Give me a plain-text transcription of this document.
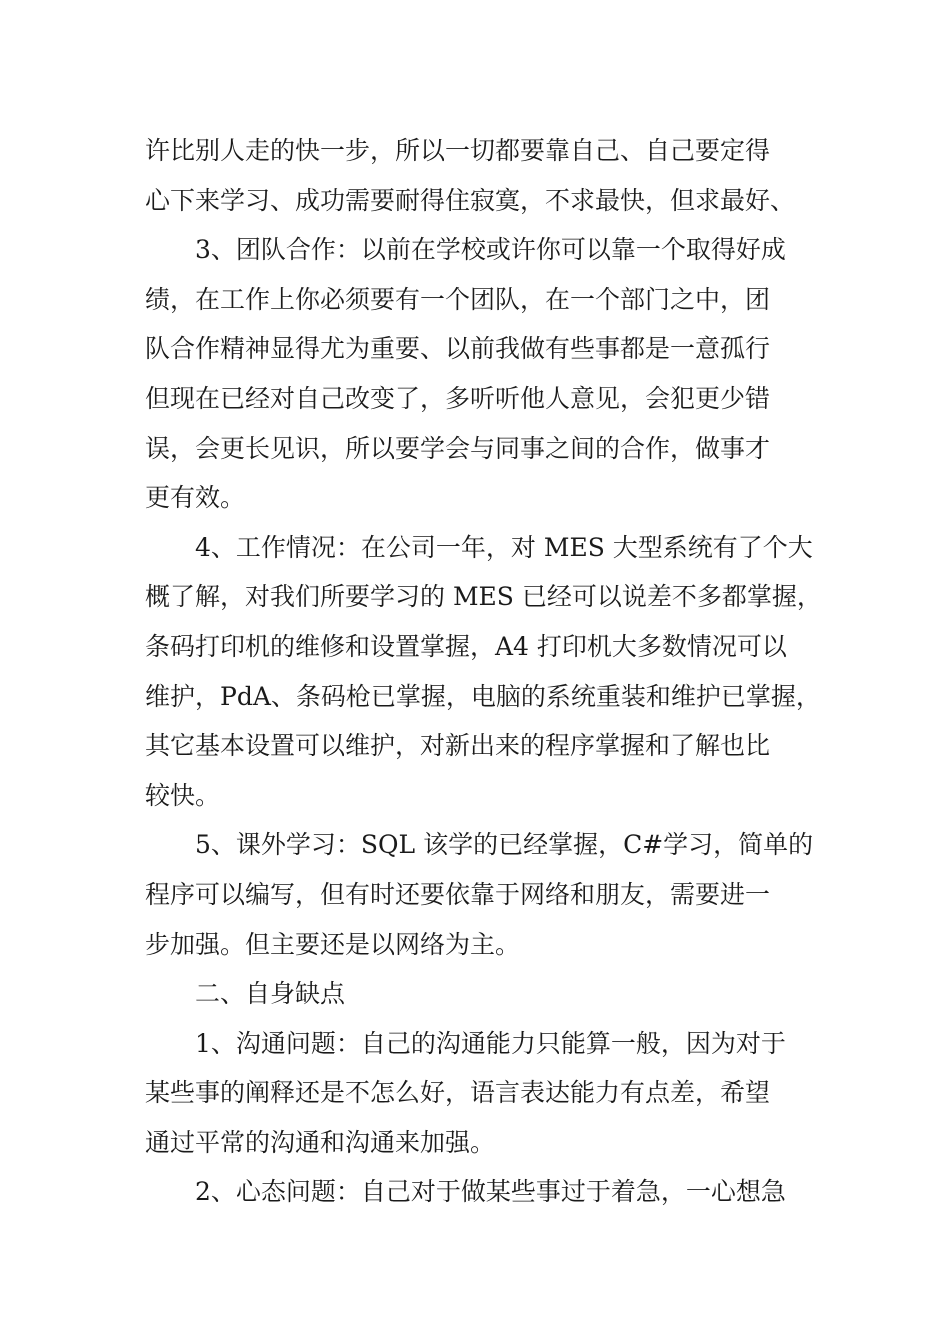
许比别人走的快一步，所以一切都要靠自己、自己要定得
心下来学习、成功需要耐得住寂寞，不求最快，但求最好、
3、团队合作：以前在学校或许你可以靠一个取得好成
绩，在工作上你必须要有一个团队，在一个部门之中，团
队合作精神显得尤为重要、以前我做有些事都是一意孤行
但现在已经对自己改变了，多听听他人意见，会犯更少错
误，会更长见识，所以要学会与同事之间的合作，做事才
更有效。
4、工作情况：在公司一年，对 MES 大型系统有了个大
概了解，对我们所要学习的 MES 已经可以说差不多都掌握，
条码打印机的维修和设置掌握，A4 打印机大多数情况可以
维护，PdA、条码枪已掌握，电脑的系统重装和维护已掌握，
其它基本设置可以维护，对新出来的程序掌握和了解也比
较快。
5、课外学习：SQL 该学的已经掌握，C#学习，简单的
程序可以编写，但有时还要依靠于网络和朋友，需要进一
步加强。但主要还是以网络为主。
二、自身缺点
1、沟通问题：自己的沟通能力只能算一般，因为对于
某些事的阐释还是不怎么好，语言表达能力有点差，希望
通过平常的沟通和沟通来加强。
2、心态问题：自己对于做某些事过于着急，一心想急
